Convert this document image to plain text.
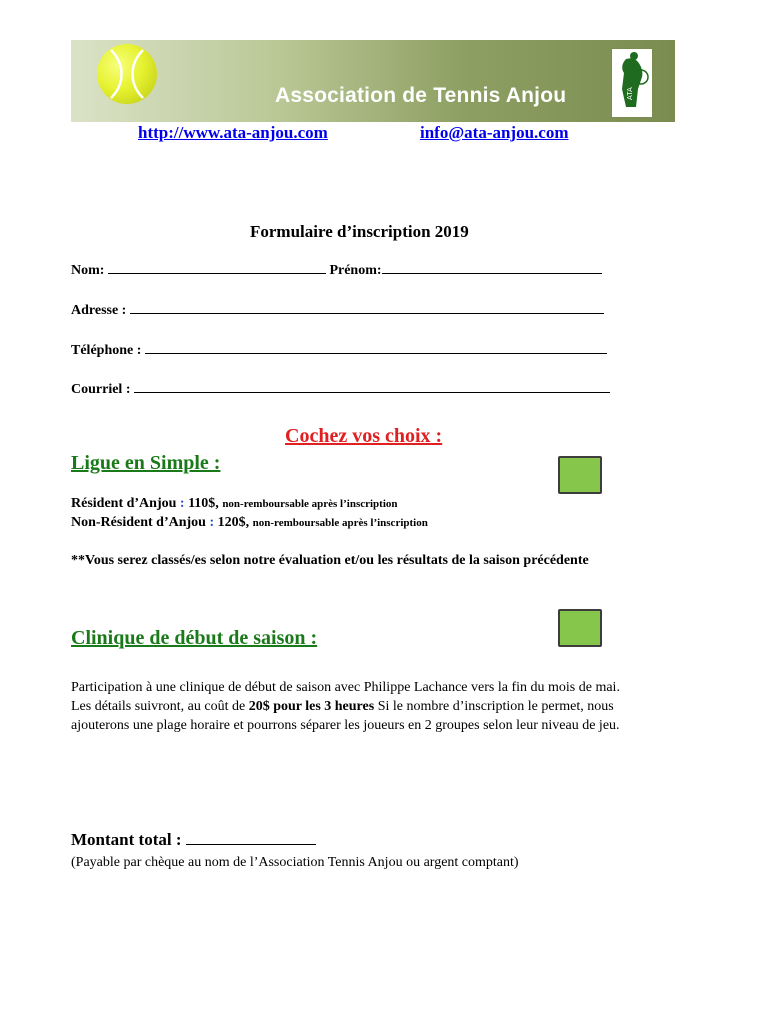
Association de Tennis Anjou	ATA
http://www.ata-anjou.com	info@ata-anjou.com
Formulaire d’inscription 2019
Nom:	Prénom:
Adresse :
Téléphone :
Courriel :
Cochez vos choix :
Ligue en Simple :
Résident d’Anjou : 110$, non-remboursable après l’inscription
Non-Résident d’Anjou : 120$, non-remboursable après l’inscription
**Vous serez classés/es selon notre évaluation et/ou les résultats de la saison précédente
Clinique de début de saison :
Participation à une clinique de début de saison avec Philippe Lachance vers la fin du mois de mai.
Les détails suivront, au coût de 20$ pour les 3 heures Si le nombre d’inscription le permet, nous
ajouterons une plage horaire et pourrons séparer les joueurs en 2 groupes selon leur niveau de jeu.
Montant total :
(Payable par chèque au nom de l’Association Tennis Anjou ou argent comptant)
